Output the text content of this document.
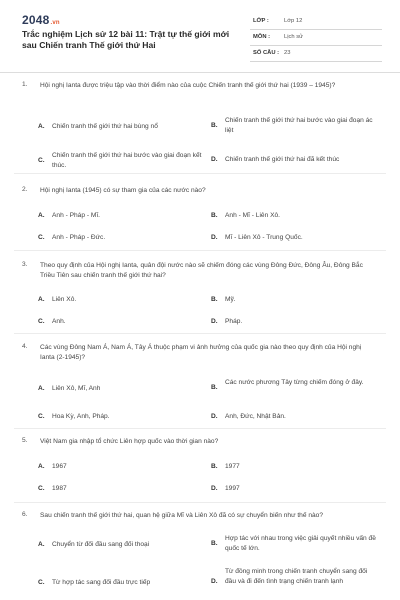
2048.vn
Trắc nghiệm Lịch sử 12 bài 11: Trật tự thế giới mới sau Chiến tranh Thế giới thứ Hai
LỚP :	Lớp 12
MÔN : Lịch sử
SỐ CÂU : 23
1. Hội nghị Ianta được triệu tập vào thời điểm nào của cuộc Chiến tranh thế giới thứ hai (1939 – 1945)?
A. Chiến tranh thế giới thứ hai bùng nổ	B.
Chiến tranh thế giới thứ hai bước vào giai đoạn ác liệt
C.
Chiến tranh thế giới thứ hai bước vào giai đoạn kết thúc.
D. Chiến tranh thế giới thứ hai đã kết thúc
2. Hội nghị Ianta (1945) có sự tham gia của các nước nào?
A. Anh - Pháp - Mĩ.	B. Anh - Mĩ - Liên Xô.
C. Anh - Pháp - Đức.	D. Mĩ - Liên Xô - Trung Quốc.
3. Theo quy định của Hội nghị Ianta, quân đội nước nào sẽ chiếm đóng các vùng Đông Đức, Đông Âu, Đông Bắc Triều Tiên sau chiến tranh thế giới thứ hai?
A. Liên Xô.	B. Mỹ.
C. Anh.	D. Pháp.
4. Các vùng Đông Nam Á, Nam Á, Tây Á thuộc phạm vi ảnh hưởng của quốc gia nào theo quy định của Hội nghị Ianta (2-1945)?
A. Liên Xô, Mĩ, Anh	B.
Các nước phương Tây từng chiếm đóng ở đây.
C. Hoa Kỳ, Anh, Pháp.	D. Anh, Đức, Nhật Bản.
5. Việt Nam gia nhập tổ chức Liên hợp quốc vào thời gian nào?
A. 1967	B. 1977
C. 1987	D. 1997
6. Sau chiến tranh thế giới thứ hai, quan hệ giữa Mĩ và Liên Xô đã có sự chuyển biến như thế nào?
A. Chuyển từ đối đầu sang đối thoại	B.
Hợp tác với nhau trong việc giải quyết nhiều vấn đề quốc tế lớn.
C. Từ hợp tác sang đối đầu trực tiếp	D.
Từ đồng minh trong chiến tranh chuyển sang đối đầu và đi đến tình trạng chiến tranh lạnh
